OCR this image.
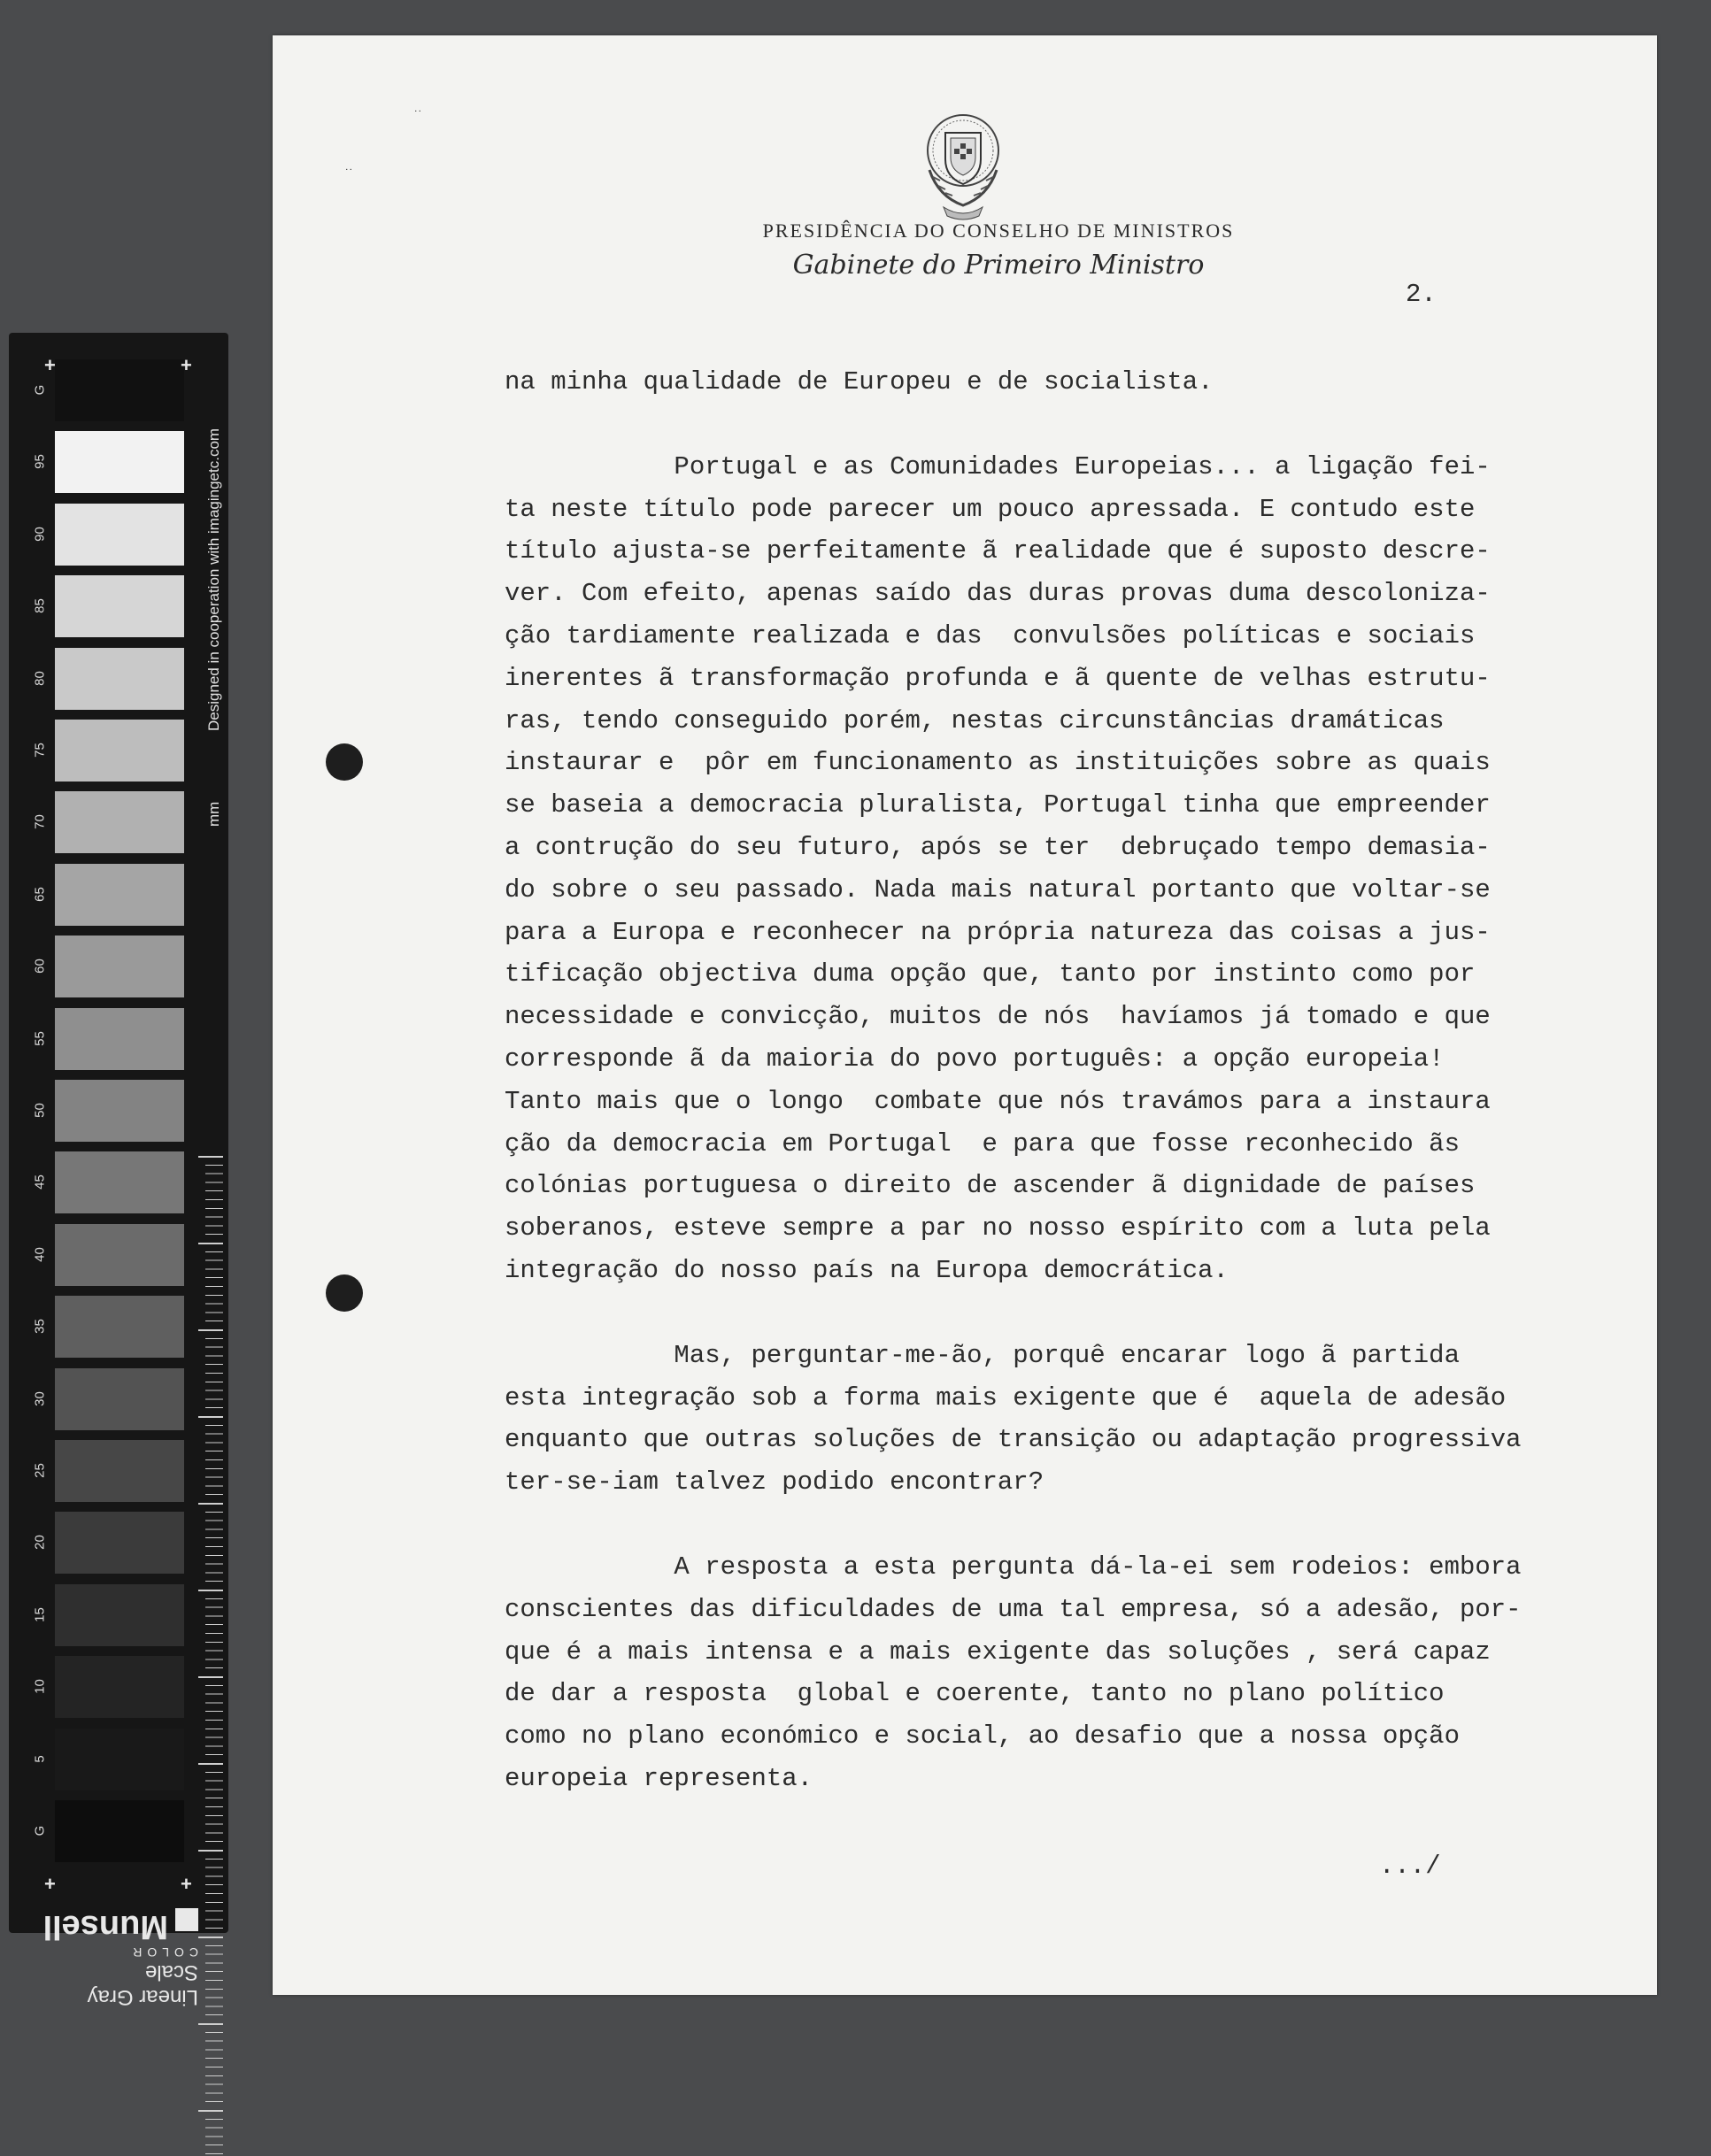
G
95
90
85
80
75
70
65
60
55
50
45
40
35
30
25
20
15
10
5
G
+	+
+	+
Designed in cooperation with imagingetc.com
mm
Linear Gray Scale
COLOR
Munsell
˙˙
˙˙
PRESIDÊNCIA DO CONSELHO DE MINISTROS
Gabinete do Primeiro Ministro
2.
na minha qualidade de Europeu e de socialista.
Portugal e as Comunidades Europeias... a ligação fei-
ta neste título pode parecer um pouco apressada. E contudo este
título ajusta-se perfeitamente ã realidade que é suposto descre-
ver. Com efeito, apenas saído das duras provas duma descoloniza-
ção tardiamente realizada e das  convulsões políticas e sociais
inerentes ã transformação profunda e ã quente de velhas estrutu-
ras, tendo conseguido porém, nestas circunstâncias dramáticas
instaurar e  pôr em funcionamento as instituições sobre as quais
se baseia a democracia pluralista, Portugal tinha que empreender
a contrução do seu futuro, após se ter  debruçado tempo demasia-
do sobre o seu passado. Nada mais natural portanto que voltar-se
para a Europa e reconhecer na própria natureza das coisas a jus-
tificação objectiva duma opção que, tanto por instinto como por
necessidade e convicção, muitos de nós  havíamos já tomado e que
corresponde ã da maioria do povo português: a opção europeia!
Tanto mais que o longo  combate que nós travámos para a instaura
ção da democracia em Portugal  e para que fosse reconhecido ãs
colónias portuguesa o direito de ascender ã dignidade de países
soberanos, esteve sempre a par no nosso espírito com a luta pela
integração do nosso país na Europa democrática.
Mas, perguntar-me-ão, porquê encarar logo ã partida
esta integração sob a forma mais exigente que é  aquela de adesão
enquanto que outras soluções de transição ou adaptação progressiva
ter-se-iam talvez podido encontrar?
A resposta a esta pergunta dá-la-ei sem rodeios: embora
conscientes das dificuldades de uma tal empresa, só a adesão, por-
que é a mais intensa e a mais exigente das soluções , será capaz
de dar a resposta  global e coerente, tanto no plano político
como no plano económico e social, ao desafio que a nossa opção
europeia representa.
.../
